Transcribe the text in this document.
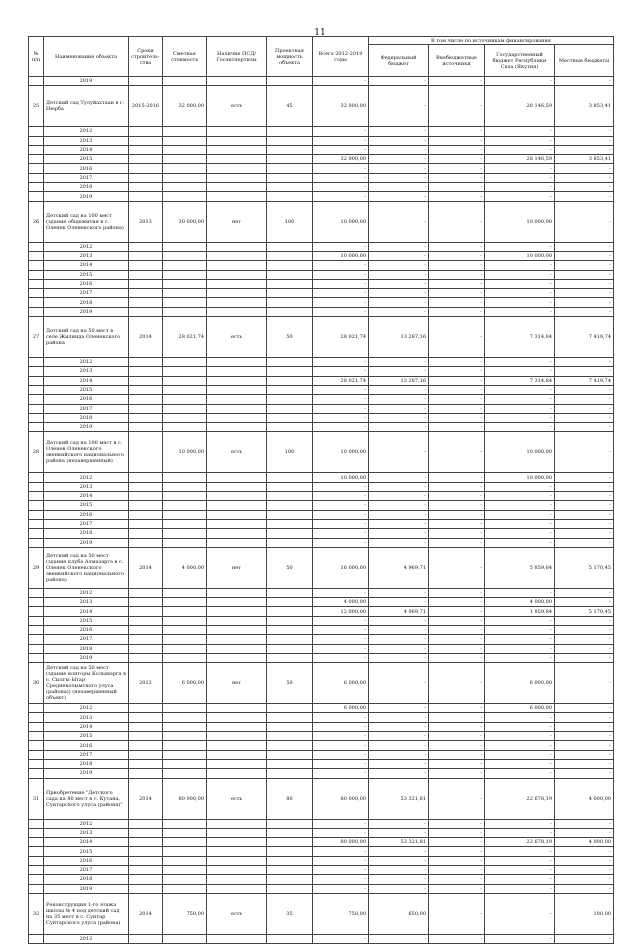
11
№ п/п	Наименование объекта	Сроки строитель-ства	Сметная стоимость	Наличие ПСД/ Госэкспертизы	Проектная мощность объекта	Всего 2012-2019 годы	В том числе по источникам финансирования			
							Федеральный бюджет	Внебюджетные источники	Государственный бюджет Республики Саха (Якутия)	Местные бюджеты
	2019					-	-	-	-	-
25	Детский сад Тулуйахтаан в г. Нюрба	2015-2016	32 000,00	есть	45	32 000,00	-	-	28 146,59	3 853,41
	2012					-	-	-	-	-
	2013					-	-	-	-	-
	2014					-	-	-	-	-
	2015					32 000,00	-	-	28 146,59	3 853,41
	2016					-	-	-	-	-
	2017					-	-	-	-	-
	2018					-	-	-	-	-
	2019					-	-	-	-	-
26	Детский сад на 100 мест (здание общежития в с. Оленек Оленекского района)	2013	30 000,00	нет	100	10 000,00	-	-	10 000,00	-
	2012					-	-	-	-	-
	2013					10 000,00	-	-	10 000,00	-
	2014					-	-	-	-	-
	2015					-	-	-	-	-
	2016					-	-	-	-	-
	2017					-	-	-	-	-
	2018					-	-	-	-	-
	2019					-	-	-	-	-
27	Детский сад на 50 мест в селе Жилинда Оленекского района	2014	28 021,74	есть	50	28 021,74	13 287,16	-	7 314,84	7 419,74
	2012					-	-	-	-	-
	2013					-	-	-	-	-
	2014					28 021,74	13 287,16	-	7 314,84	7 419,74
	2015					-	-	-	-	-
	2016					-	-	-	-	-
	2017					-	-	-	-	-
	2018					-	-	-	-	-
	2019					-	-	-	-	-
28	Детский сад на 100 мест в с. Оленек Оленекского эвенкийского национального района (незавершенный)		10 000,00	есть	100	10 000,00	-	-	10 000,00	-
	2012					10 000,00	-	-	10 000,00	-
	2013					-	-	-	-	-
	2014					-	-	-	-	-
	2015					-	-	-	-	-
	2016					-	-	-	-	-
	2017					-	-	-	-	-
	2018					-	-	-	-	-
	2019					-	-	-	-	-
29	Детский сад на 50 мест (здание клуба Алмазэрга в с. Оленек Оленекского эвенкийского национального района)	2014	4 000,00	нет	50	16 000,00	4 969,71	-	5 859,84	5 170,45
	2012					-	-	-	-	-
	2013					4 000,00	-	-	4 000,00	-
	2014					12 000,00	4 969,71	-	1 859,84	5 170,45
	2015					-	-	-	-	-
	2016					-	-	-	-	-
	2017					-	-	-	-	-
	2018					-	-	-	-	-
	2019					-	-	-	-	-
30	Детский сад на 50 мест (здание конторы Колымэрга в с. Сылгы-Ытар Среднеколымского улуса (района)) (незавершенный объект)	2012	6 000,00	нет	50	6 000,00	-	-	6 000,00	-
	2012					6 000,00	-	-	6 000,00	-
	2013					-	-	-	-	-
	2014					-	-	-	-	-
	2015					-	-	-	-	-
	2016					-	-	-	-	-
	2017					-	-	-	-	-
	2018					-	-	-	-	-
	2019					-	-	-	-	-
31	Приобретение "Детского сада на 80 мест в с. Кутана, Сунтарского улуса (района)"	2014	80 000,00	есть	80	80 000,00	53 321,81	-	22 678,19	4 000,00
	2012					-	-	-	-	-
	2013					-	-	-	-	-
	2014					80 000,00	53 321,81	-	22 678,19	4 000,00
	2015					-	-	-	-	-
	2016					-	-	-	-	-
	2017					-	-	-	-	-
	2018					-	-	-	-	-
	2019					-	-	-	-	-
32	Реконструкция 1-го этажа школы № 4 под детский сад на 35 мест в с. Сунтар Сунтарского улуса (района)	2014	750,00	есть	35	750,00	650,00	-	-	100,00
	2012					-	-	-	-	-
